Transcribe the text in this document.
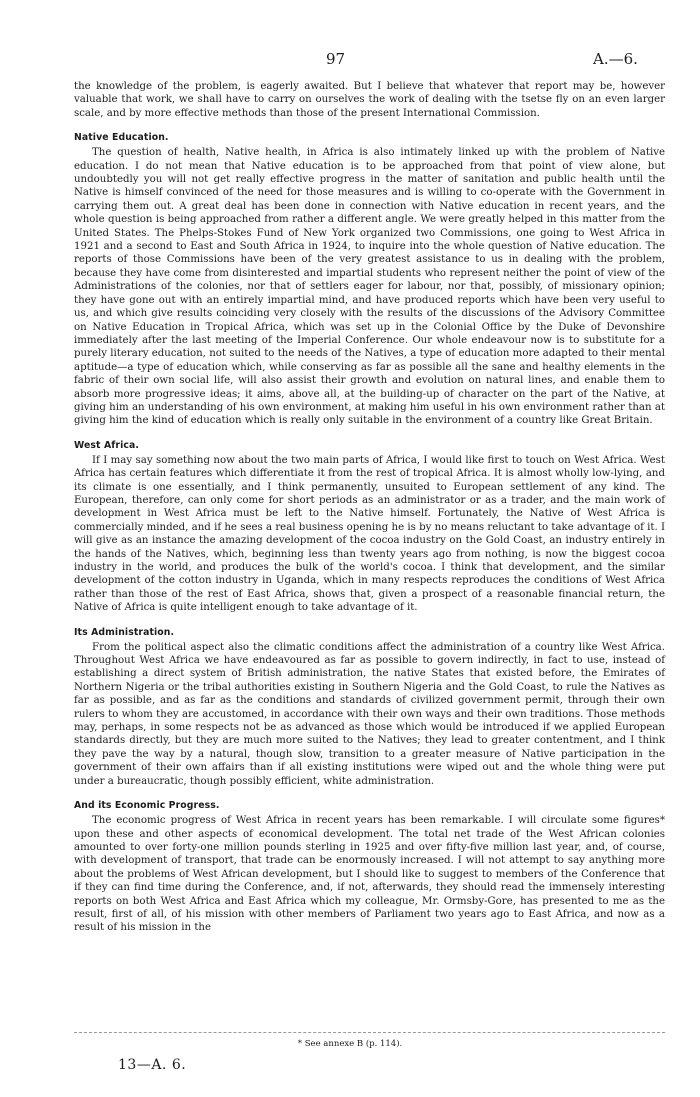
97	A.—6.

the knowledge of the problem, is eagerly awaited. But I believe that whatever that report may be, however valuable that work, we shall have to carry on ourselves the work of dealing with the tsetse fly on an even larger scale, and by more effective methods than those of the present International Commission.

Native Education.

The question of health, Native health, in Africa is also intimately linked up with the problem of Native education. I do not mean that Native education is to be approached from that point of view alone, but undoubtedly you will not get really effective progress in the matter of sanitation and public health until the Native is himself convinced of the need for those measures and is willing to co-operate with the Government in carrying them out. A great deal has been done in connection with Native education in recent years, and the whole question is being approached from rather a different angle. We were greatly helped in this matter from the United States. The Phelps-Stokes Fund of New York organized two Commissions, one going to West Africa in 1921 and a second to East and South Africa in 1924, to inquire into the whole question of Native education. The reports of those Commissions have been of the very greatest assistance to us in dealing with the problem, because they have come from disinterested and impartial students who represent neither the point of view of the Administrations of the colonies, nor that of settlers eager for labour, nor that, possibly, of missionary opinion; they have gone out with an entirely impartial mind, and have produced reports which have been very useful to us, and which give results coinciding very closely with the results of the discussions of the Advisory Committee on Native Education in Tropical Africa, which was set up in the Colonial Office by the Duke of Devonshire immediately after the last meeting of the Imperial Conference. Our whole endeavour now is to substitute for a purely literary education, not suited to the needs of the Natives, a type of education more adapted to their mental aptitude—a type of education which, while conserving as far as possible all the sane and healthy elements in the fabric of their own social life, will also assist their growth and evolution on natural lines, and enable them to absorb more progressive ideas; it aims, above all, at the building-up of character on the part of the Native, at giving him an understanding of his own environment, at making him useful in his own environment rather than at giving him the kind of education which is really only suitable in the environment of a country like Great Britain.

West Africa.

If I may say something now about the two main parts of Africa, I would like first to touch on West Africa. West Africa has certain features which differentiate it from the rest of tropical Africa. It is almost wholly low-lying, and its climate is one essentially, and I think permanently, unsuited to European settlement of any kind. The European, therefore, can only come for short periods as an administrator or as a trader, and the main work of development in West Africa must be left to the Native himself. Fortunately, the Native of West Africa is commercially minded, and if he sees a real business opening he is by no means reluctant to take advantage of it. I will give as an instance the amazing development of the cocoa industry on the Gold Coast, an industry entirely in the hands of the Natives, which, beginning less than twenty years ago from nothing, is now the biggest cocoa industry in the world, and produces the bulk of the world's cocoa. I think that development, and the similar development of the cotton industry in Uganda, which in many respects reproduces the conditions of West Africa rather than those of the rest of East Africa, shows that, given a prospect of a reasonable financial return, the Native of Africa is quite intelligent enough to take advantage of it.

Its Administration.

From the political aspect also the climatic conditions affect the administration of a country like West Africa. Throughout West Africa we have endeavoured as far as possible to govern indirectly, in fact to use, instead of establishing a direct system of British administration, the native States that existed before, the Emirates of Northern Nigeria or the tribal authorities existing in Southern Nigeria and the Gold Coast, to rule the Natives as far as possible, and as far as the conditions and standards of civilized government permit, through their own rulers to whom they are accustomed, in accordance with their own ways and their own traditions. Those methods may, perhaps, in some respects not be as advanced as those which would be introduced if we applied European standards directly, but they are much more suited to the Natives; they lead to greater contentment, and I think they pave the way by a natural, though slow, transition to a greater measure of Native participation in the government of their own affairs than if all existing institutions were wiped out and the whole thing were put under a bureaucratic, though possibly efficient, white administration.

And its Economic Progress.

The economic progress of West Africa in recent years has been remarkable. I will circulate some figures* upon these and other aspects of economical development. The total net trade of the West African colonies amounted to over forty-one million pounds sterling in 1925 and over fifty-five million last year, and, of course, with development of transport, that trade can be enormously increased. I will not attempt to say anything more about the problems of West African development, but I should like to suggest to members of the Conference that if they can find time during the Conference, and, if not, afterwards, they should read the immensely interesting reports on both West Africa and East Africa which my colleague, Mr. Ormsby-Gore, has presented to me as the result, first of all, of his mission with other members of Parliament two years ago to East Africa, and now as a result of his mission in the

* See annexe B (p. 114).
13—A. 6.
